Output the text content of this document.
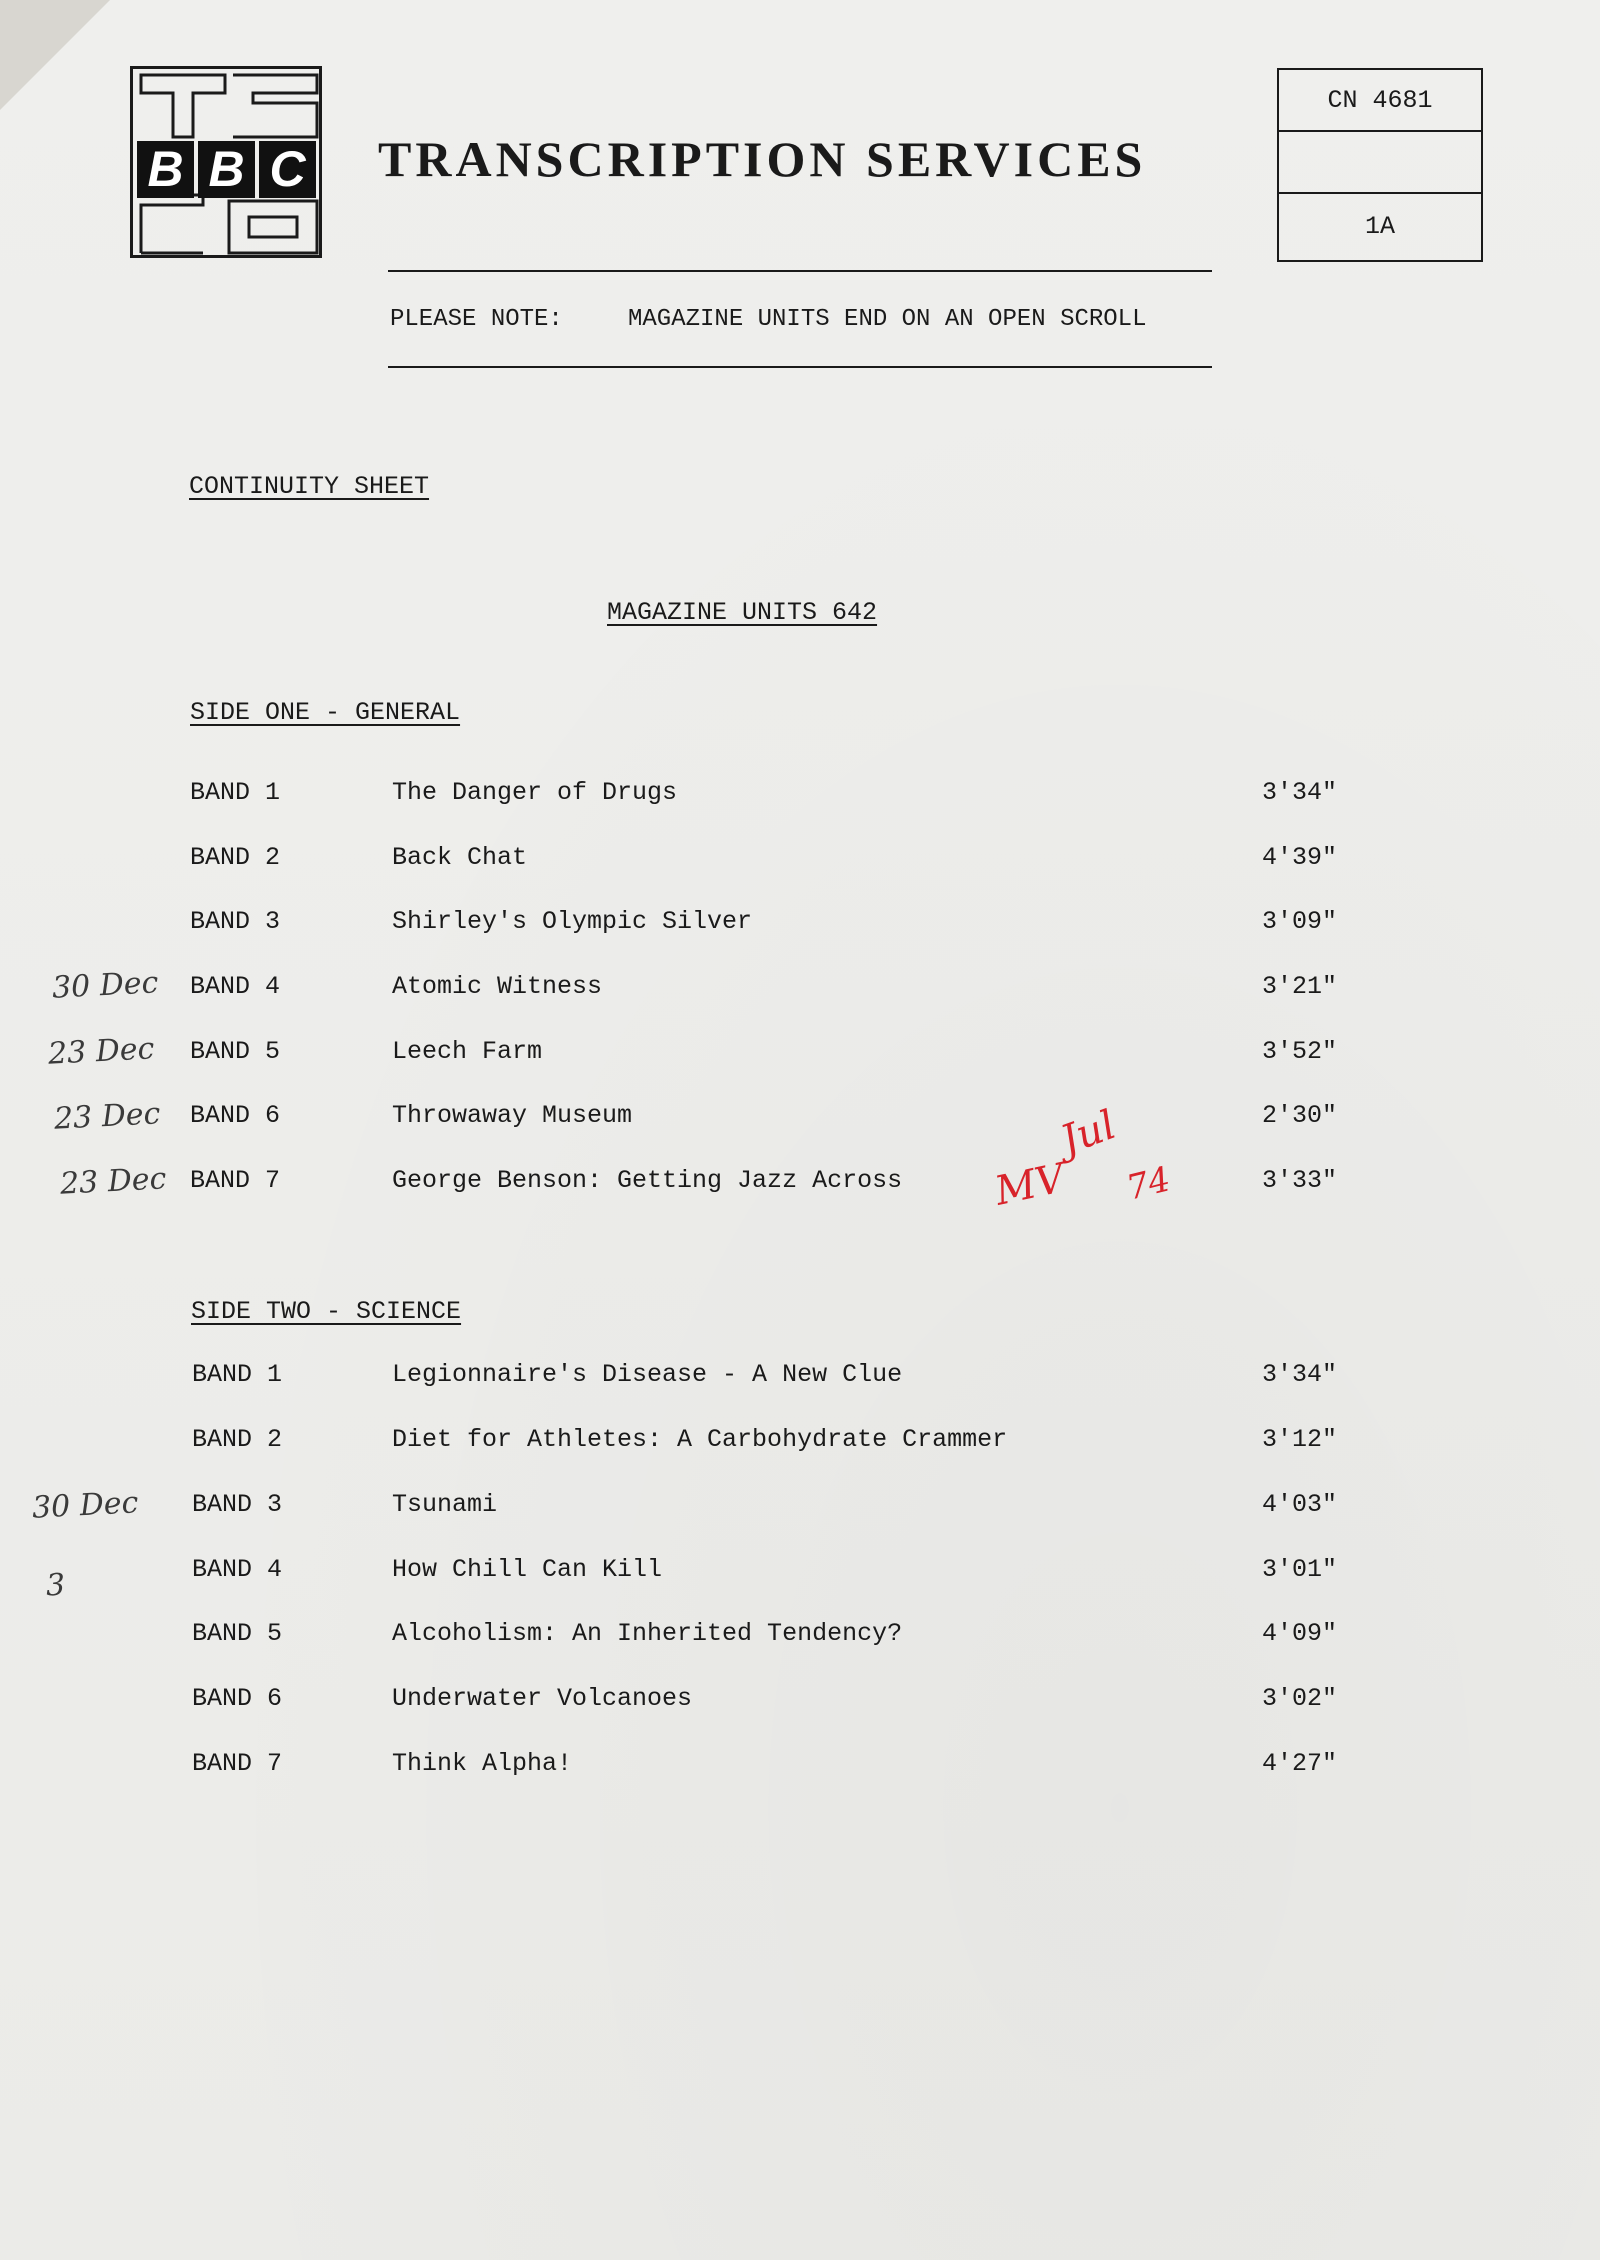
B B C TRANSCRIPTION SERVICES
CN 4681
1A
PLEASE NOTE:	MAGAZINE UNITS END ON AN OPEN SCROLL
CONTINUITY SHEET
MAGAZINE UNITS 642
SIDE ONE - GENERAL
BAND 1	The Danger of Drugs	3'34"
BAND 2	Back Chat	4'39"
BAND 3	Shirley's Olympic Silver	3'09"
BAND 4	Atomic Witness	3'21"
BAND 5	Leech Farm	3'52"
BAND 6	Throwaway Museum	2'30"
BAND 7	George Benson: Getting Jazz Across	3'33"
SIDE TWO - SCIENCE
BAND 1	Legionnaire's Disease - A New Clue	3'34"
BAND 2	Diet for Athletes: A Carbohydrate Crammer	3'12"
BAND 3	Tsunami	4'03"
BAND 4	How Chill Can Kill	3'01"
BAND 5	Alcoholism: An Inherited Tendency?	4'09"
BAND 6	Underwater Volcanoes	3'02"
BAND 7	Think Alpha!	4'27"
30 Dec
23 Dec
23 Dec
23 Dec
30 Dec
3
MV
Jul
74
